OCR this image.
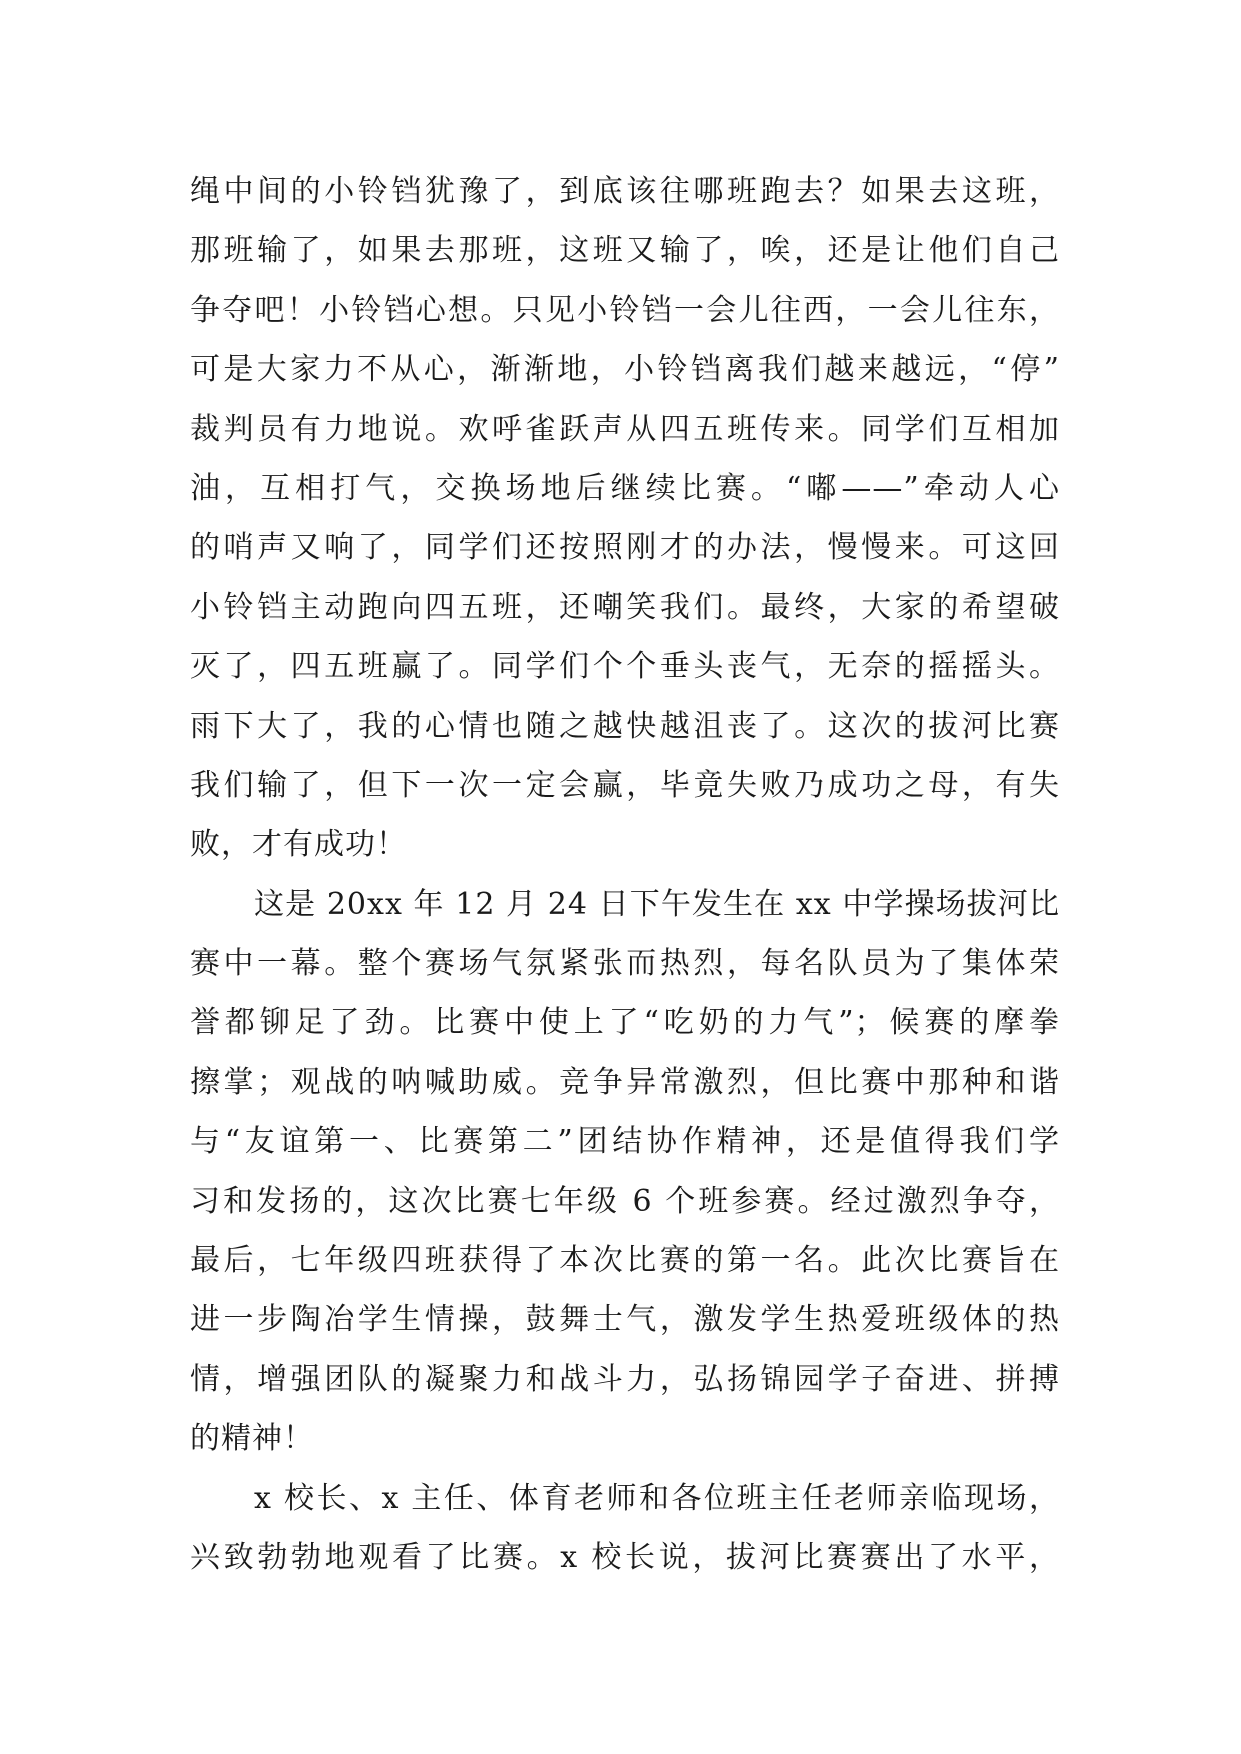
绳中间的小铃铛犹豫了，到底该往哪班跑去？如果去这班，
那班输了，如果去那班，这班又输了，唉，还是让他们自己
争夺吧！小铃铛心想。只见小铃铛一会儿往西，一会儿往东，
可是大家力不从心，渐渐地，小铃铛离我们越来越远，“停”
裁判员有力地说。欢呼雀跃声从四五班传来。同学们互相加
油，互相打气，交换场地后继续比赛。“嘟——”牵动人心
的哨声又响了，同学们还按照刚才的办法，慢慢来。可这回
小铃铛主动跑向四五班，还嘲笑我们。最终，大家的希望破
灭了，四五班赢了。同学们个个垂头丧气，无奈的摇摇头。
雨下大了，我的心情也随之越快越沮丧了。这次的拔河比赛
我们输了，但下一次一定会赢，毕竟失败乃成功之母，有失
败，才有成功！
这是 20xx 年 12 月 24 日下午发生在 xx 中学操场拔河比
赛中一幕。整个赛场气氛紧张而热烈，每名队员为了集体荣
誉都铆足了劲。比赛中使上了“吃奶的力气”；候赛的摩拳
擦掌；观战的呐喊助威。竞争异常激烈，但比赛中那种和谐
与“友谊第一、比赛第二”团结协作精神，还是值得我们学
习和发扬的，这次比赛七年级 6 个班参赛。经过激烈争夺，
最后，七年级四班获得了本次比赛的第一名。此次比赛旨在
进一步陶冶学生情操，鼓舞士气，激发学生热爱班级体的热
情，增强团队的凝聚力和战斗力，弘扬锦园学子奋进、拼搏
的精神！
x 校长、x 主任、体育老师和各位班主任老师亲临现场，
兴致勃勃地观看了比赛。x 校长说，拔河比赛赛出了水平，
